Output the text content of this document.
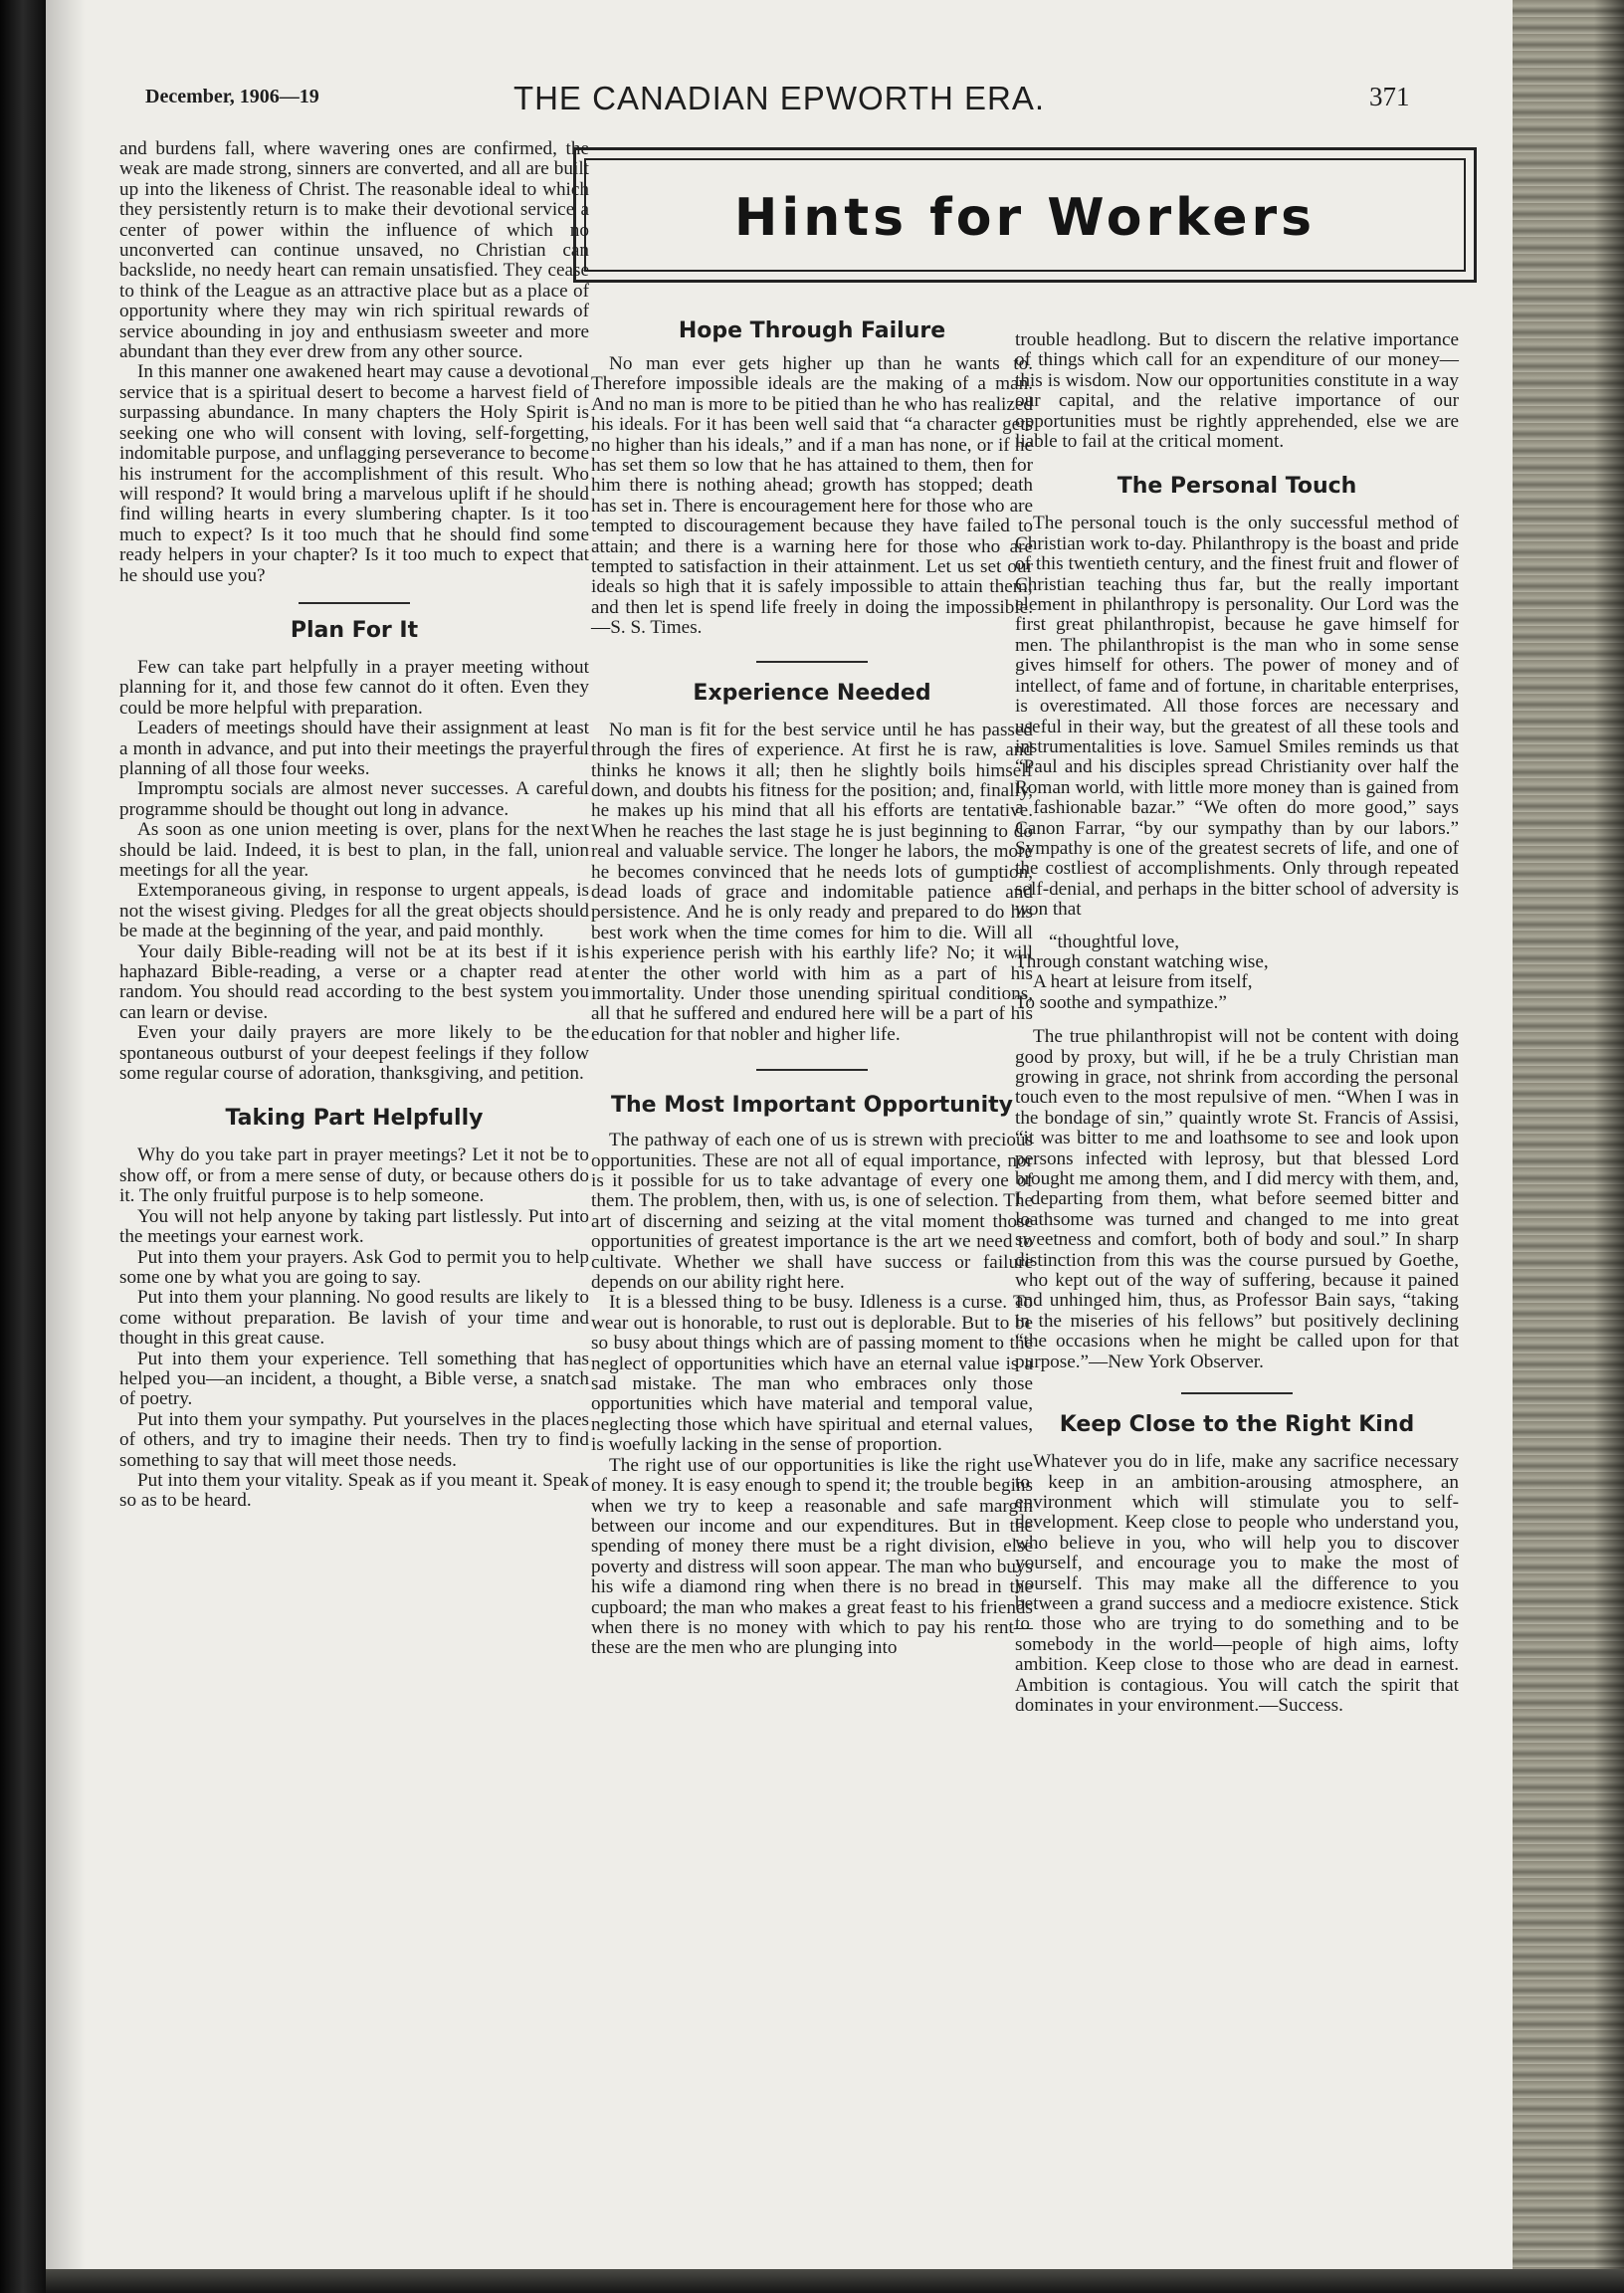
December, 1906—19	THE CANADIAN EPWORTH ERA.	371
Hints for Workers

and burdens fall, where wavering ones are confirmed, the weak are made strong, sinners are converted, and all are built up into the likeness of Christ. The reasonable ideal to which they persistently return is to make their devotional service a center of power within the influence of which no unconverted can continue unsaved, no Christian can backslide, no needy heart can remain unsatisfied. They cease to think of the League as an attractive place but as a place of opportunity where they may win rich spiritual rewards of service abounding in joy and enthusiasm sweeter and more abundant than they ever drew from any other source.

In this manner one awakened heart may cause a devotional service that is a spiritual desert to become a harvest field of surpassing abundance. In many chapters the Holy Spirit is seeking one who will consent with loving, self-forgetting, indomitable purpose, and unflagging perseverance to become his instrument for the accomplishment of this result. Who will respond? It would bring a marvelous uplift if he should find willing hearts in every slumbering chapter. Is it too much to expect? Is it too much that he should find some ready helpers in your chapter? Is it too much to expect that he should use you?

Plan For It

Few can take part helpfully in a prayer meeting without planning for it, and those few cannot do it often. Even they could be more helpful with preparation.

Leaders of meetings should have their assignment at least a month in advance, and put into their meetings the prayerful planning of all those four weeks.

Impromptu socials are almost never successes. A careful programme should be thought out long in advance.

As soon as one union meeting is over, plans for the next should be laid. Indeed, it is best to plan, in the fall, union meetings for all the year.

Extemporaneous giving, in response to urgent appeals, is not the wisest giving. Pledges for all the great objects should be made at the beginning of the year, and paid monthly.

Your daily Bible-reading will not be at its best if it is haphazard Bible-reading, a verse or a chapter read at random. You should read according to the best system you can learn or devise.

Even your daily prayers are more likely to be the spontaneous outburst of your deepest feelings if they follow some regular course of adoration, thanksgiving, and petition.

Taking Part Helpfully

Why do you take part in prayer meetings? Let it not be to show off, or from a mere sense of duty, or because others do it. The only fruitful purpose is to help someone.

You will not help anyone by taking part listlessly. Put into the meetings your earnest work.

Put into them your prayers. Ask God to permit you to help some one by what you are going to say.

Put into them your planning. No good results are likely to come without preparation. Be lavish of your time and thought in this great cause.

Put into them your experience. Tell something that has helped you—an incident, a thought, a Bible verse, a snatch of poetry.

Put into them your sympathy. Put yourselves in the places of others, and try to imagine their needs. Then try to find something to say that will meet those needs.

Put into them your vitality. Speak as if you meant it. Speak so as to be heard.

Hope Through Failure

No man ever gets higher up than he wants to. Therefore impossible ideals are the making of a man. And no man is more to be pitied than he who has realized his ideals. For it has been well said that “a character gets no higher than his ideals,” and if a man has none, or if he has set them so low that he has attained to them, then for him there is nothing ahead; growth has stopped; death has set in. There is encouragement here for those who are tempted to discouragement because they have failed to attain; and there is a warning here for those who are tempted to satisfaction in their attainment. Let us set our ideals so high that it is safely impossible to attain them; and then let is spend life freely in doing the impossible.—S. S. Times.

Experience Needed

No man is fit for the best service until he has passed through the fires of experience. At first he is raw, and thinks he knows it all; then he slightly boils himself down, and doubts his fitness for the position; and, finally, he makes up his mind that all his efforts are tentative. When he reaches the last stage he is just beginning to do real and valuable service. The longer he labors, the more he becomes convinced that he needs lots of gumption, dead loads of grace and indomitable patience and persistence. And he is only ready and prepared to do his best work when the time comes for him to die. Will all his experience perish with his earthly life? No; it will enter the other world with him as a part of his immortality. Under those unending spiritual conditions, all that he suffered and endured here will be a part of his education for that nobler and higher life.

The Most Important Opportunity

The pathway of each one of us is strewn with precious opportunities. These are not all of equal importance, nor is it possible for us to take advantage of every one of them. The problem, then, with us, is one of selection. The art of discerning and seizing at the vital moment those opportunities of greatest importance is the art we need to cultivate. Whether we shall have success or failure depends on our ability right here.

It is a blessed thing to be busy. Idleness is a curse. To wear out is honorable, to rust out is deplorable. But to be so busy about things which are of passing moment to the neglect of opportunities which have an eternal value is a sad mistake. The man who embraces only those opportunities which have material and temporal value, neglecting those which have spiritual and eternal values, is woefully lacking in the sense of proportion.

The right use of our opportunities is like the right use of money. It is easy enough to spend it; the trouble begins when we try to keep a reasonable and safe margin between our income and our expenditures. But in the spending of money there must be a right division, else poverty and distress will soon appear. The man who buys his wife a diamond ring when there is no bread in the cupboard; the man who makes a great feast to his friends when there is no money with which to pay his rent—these are the men who are plunging into

trouble headlong. But to discern the relative importance of things which call for an expenditure of our money—this is wisdom. Now our opportunities constitute in a way our capital, and the relative importance of our opportunities must be rightly apprehended, else we are liable to fail at the critical moment.

The Personal Touch

The personal touch is the only successful method of Christian work to-day. Philanthropy is the boast and pride of this twentieth century, and the finest fruit and flower of Christian teaching thus far, but the really important element in philanthropy is personality. Our Lord was the first great philanthropist, because he gave himself for men. The philanthropist is the man who in some sense gives himself for others. The power of money and of intellect, of fame and of fortune, in charitable enterprises, is overestimated. All those forces are necessary and useful in their way, but the greatest of all these tools and instrumentalities is love. Samuel Smiles reminds us that “Paul and his disciples spread Christianity over half the Roman world, with little more money than is gained from a fashionable bazar.” “We often do more good,” says Canon Farrar, “by our sympathy than by our labors.” Sympathy is one of the greatest secrets of life, and one of the costliest of accomplishments. Only through repeated self-denial, and perhaps in the bitter school of adversity is won that

“thoughtful love,

Through constant watching wise,

A heart at leisure from itself,

To soothe and sympathize.”

The true philanthropist will not be content with doing good by proxy, but will, if he be a truly Christian man growing in grace, not shrink from according the personal touch even to the most repulsive of men. “When I was in the bondage of sin,” quaintly wrote St. Francis of Assisi, “it was bitter to me and loathsome to see and look upon persons infected with leprosy, but that blessed Lord brought me among them, and I did mercy with them, and, I departing from them, what before seemed bitter and loathsome was turned and changed to me into great sweetness and comfort, both of body and soul.” In sharp distinction from this was the course pursued by Goethe, who kept out of the way of suffering, because it pained and unhinged him, thus, as Professor Bain says, “taking in the miseries of his fellows” but positively declining “the occasions when he might be called upon for that purpose.”—New York Observer.

Keep Close to the Right Kind

Whatever you do in life, make any sacrifice necessary to keep in an ambition-arousing atmosphere, an environment which will stimulate you to self-development. Keep close to people who understand you, who believe in you, who will help you to discover yourself, and encourage you to make the most of yourself. This may make all the difference to you between a grand success and a mediocre existence. Stick to those who are trying to do something and to be somebody in the world—people of high aims, lofty ambition. Keep close to those who are dead in earnest. Ambition is contagious. You will catch the spirit that dominates in your environment.—Success.
